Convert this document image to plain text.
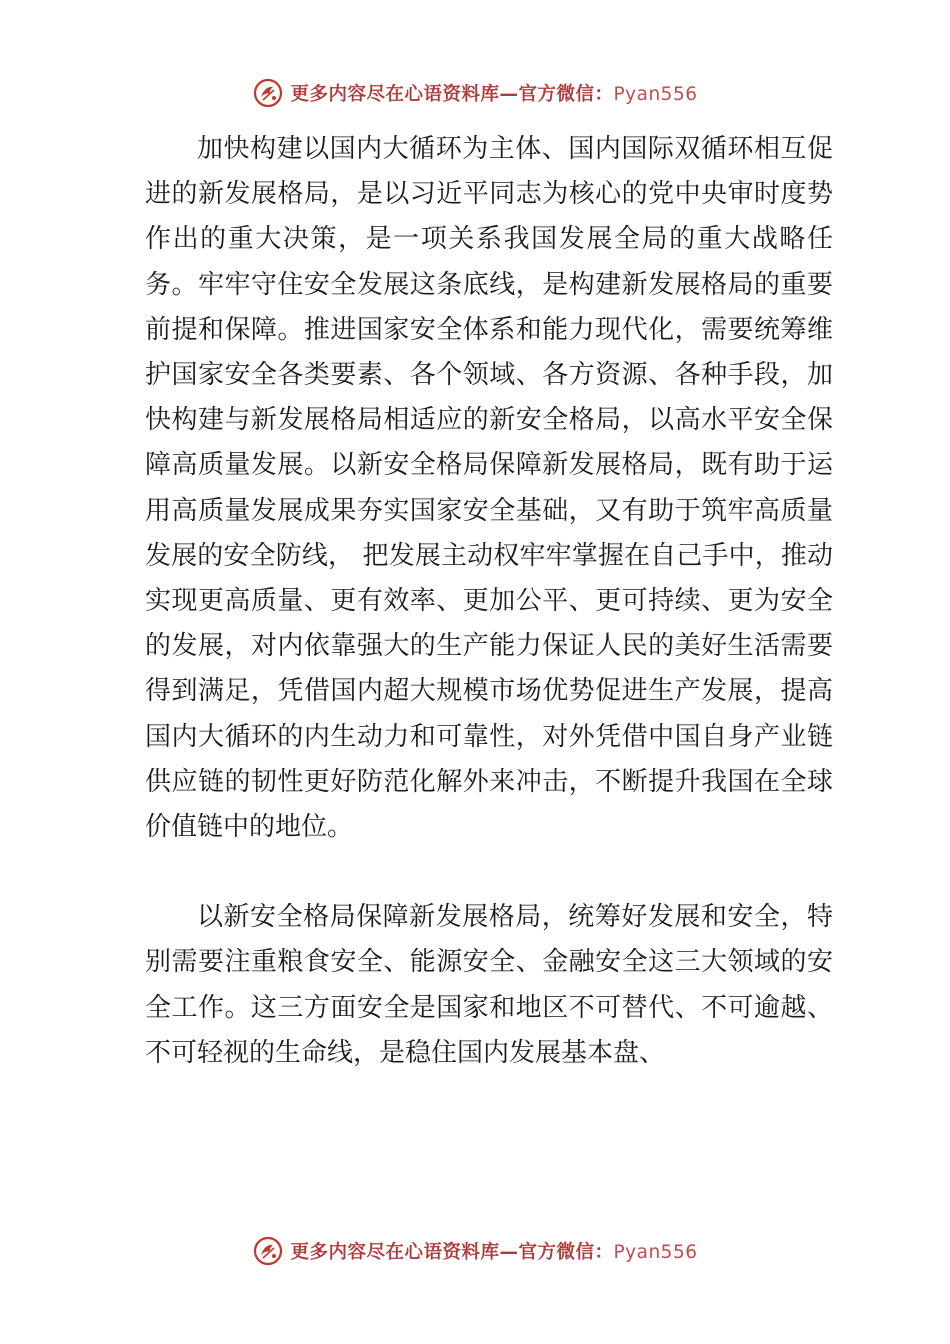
更多内容尽在心语资料库—官方微信：Pyan556

加快构建以国内大循环为主体、国内国际双循环相互促进的新发展格局，是以习近平同志为核心的党中央审时度势作出的重大决策，是一项关系我国发展全局的重大战略任务。牢牢守住安全发展这条底线，是构建新发展格局的重要前提和保障。推进国家安全体系和能力现代化，需要统筹维护国家安全各类要素、各个领域、各方资源、各种手段，加快构建与新发展格局相适应的新安全格局，以高水平安全保障高质量发展。以新安全格局保障新发展格局，既有助于运用高质量发展成果夯实国家安全基础，又有助于筑牢高质量发展的安全防线， 把发展主动权牢牢掌握在自己手中，推动实现更高质量、更有效率、更加公平、更可持续、更为安全的发展，对内依靠强大的生产能力保证人民的美好生活需要得到满足，凭借国内超大规模市场优势促进生产发展，提高国内大循环的内生动力和可靠性，对外凭借中国自身产业链供应链的韧性更好防范化解外来冲击，不断提升我国在全球价值链中的地位。

以新安全格局保障新发展格局，统筹好发展和安全，特别需要注重粮食安全、能源安全、金融安全这三大领域的安全工作。这三方面安全是国家和地区不可替代、不可逾越、不可轻视的生命线，是稳住国内发展基本盘、

更多内容尽在心语资料库—官方微信：Pyan556
